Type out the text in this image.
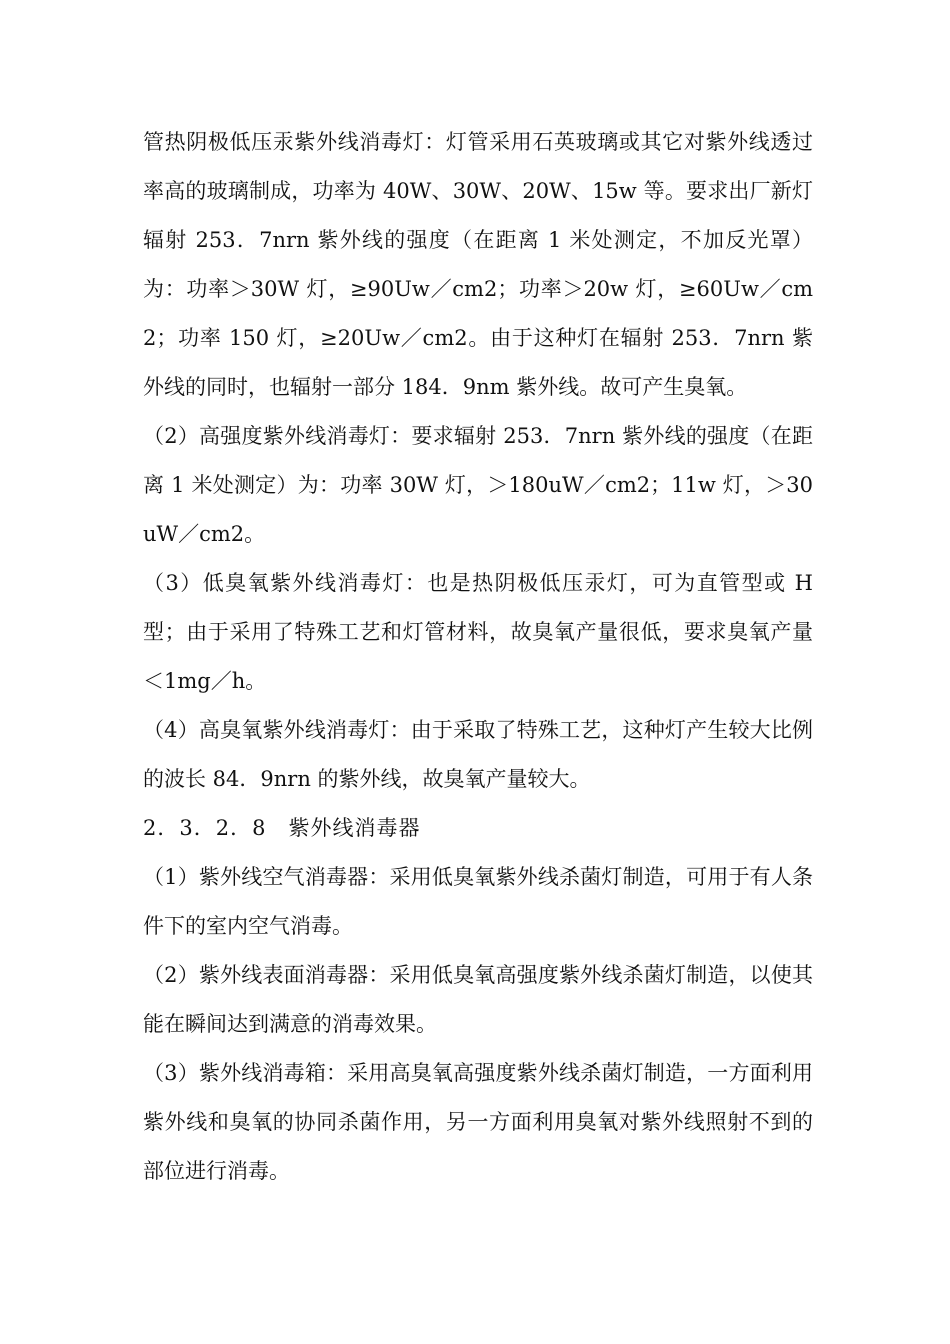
管热阴极低压汞紫外线消毒灯：灯管采用石英玻璃或其它对紫外线透过率高的玻璃制成，功率为 40W、30W、20W、15w 等。要求出厂新灯辐射 253．7nrn 紫外线的强度（在距离 1 米处测定，不加反光罩）为：功率＞30W 灯，≥90Uw／cm2；功率＞20w 灯，≥60Uw／cm2；功率 150 灯，≥20Uw／cm2。由于这种灯在辐射 253．7nrn 紫外线的同时，也辐射一部分 184．9nm 紫外线。故可产生臭氧。

（2）高强度紫外线消毒灯：要求辐射 253．7nrn 紫外线的强度（在距离 1 米处测定）为：功率 30W 灯，＞180uW／cm2；11w 灯，＞30uW／cm2。

（3）低臭氧紫外线消毒灯：也是热阴极低压汞灯，可为直管型或 H 型；由于采用了特殊工艺和灯管材料，故臭氧产量很低，要求臭氧产量＜1mg／h。

（4）高臭氧紫外线消毒灯：由于采取了特殊工艺，这种灯产生较大比例的波长 84．9nrn 的紫外线，故臭氧产量较大。

2．3．2．8　紫外线消毒器

（1）紫外线空气消毒器：采用低臭氧紫外线杀菌灯制造，可用于有人条件下的室内空气消毒。

（2）紫外线表面消毒器：采用低臭氧高强度紫外线杀菌灯制造，以使其能在瞬间达到满意的消毒效果。

（3）紫外线消毒箱：采用高臭氧高强度紫外线杀菌灯制造，一方面利用紫外线和臭氧的协同杀菌作用，另一方面利用臭氧对紫外线照射不到的部位进行消毒。
